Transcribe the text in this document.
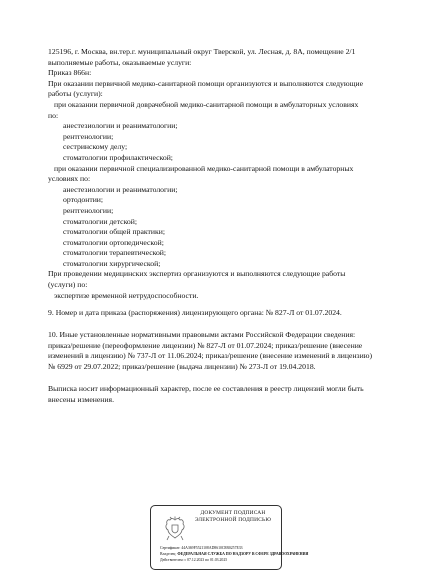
125196, г. Москва, вн.тер.г. муниципальный округ Тверской, ул. Лесная, д. 8А, помещение 2/1
выполняемые работы, оказываемые услуги:
Приказ 866н:
При оказании первичной медико-санитарной помощи организуются и выполняются следующие
работы (услуги):
при оказании первичной доврачебной медико-санитарной помощи в амбулаторных условиях
по:
анестезиологии и реаниматологии;
рентгенологии;
сестринскому делу;
стоматологии профилактической;
при оказании первичной специализированной медико-санитарной помощи в амбулаторных
условиях по:
анестезиологии и реаниматологии;
ортодонтии;
рентгенологии;
стоматологии детской;
стоматологии общей практики;
стоматологии ортопедической;
стоматологии терапевтической;
стоматологии хирургической;
При проведении медицинских экспертиз организуются и выполняются следующие работы
(услуги) по:
экспертизе временной нетрудоспособности.
9. Номер и дата приказа (распоряжения) лицензирующего органа: № 827-Л от 01.07.2024.
10. Иные установленные нормативными правовыми актами Российской Федерации сведения:
приказ/решение (переоформление лицензии) № 827-Л от 01.07.2024; приказ/решение (внесение
изменений в лицензию) № 737-Л от 11.06.2024; приказ/решение (внесение изменений в лицензию)
№ 6929 от 29.07.2022; приказ/решение (выдача лицензии) № 273-Л от 19.04.2018.
Выписка носит информационный характер, после ее составления в реестр лицензий могли быть
внесены изменения.
ДОКУМЕНТ ПОДПИСАН
ЭЛЕКТРОННОЙ ПОДПИСЬЮ
Сертификат: 44A369F5521108AD8610C8B0257E33
Владелец: ФЕДЕРАЛЬНАЯ СЛУЖБА ПО НАДЗОРУ В СФЕРЕ ЗДРАВООХРАНЕНИЯ
Действителен: с 07.12.2023 по 01.03.2025
